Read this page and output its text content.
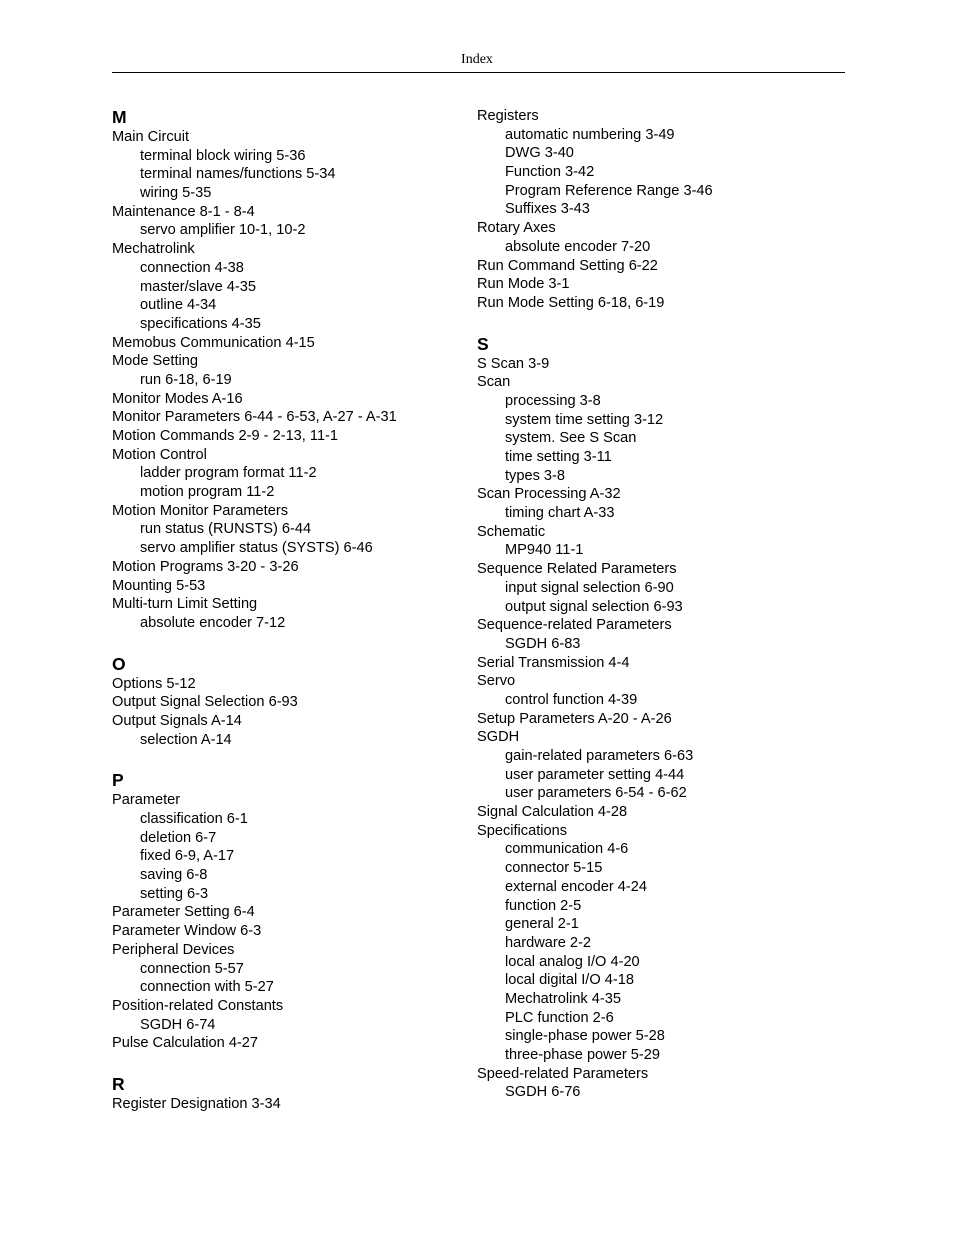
Index
M
Main Circuit
terminal block wiring 5-36
terminal names/functions 5-34
wiring 5-35
Maintenance 8-1 - 8-4
servo amplifier 10-1, 10-2
Mechatrolink
connection 4-38
master/slave 4-35
outline 4-34
specifications 4-35
Memobus Communication 4-15
Mode Setting
run 6-18, 6-19
Monitor Modes A-16
Monitor Parameters 6-44 - 6-53, A-27 - A-31
Motion Commands 2-9 - 2-13, 11-1
Motion Control
ladder program format 11-2
motion program 11-2
Motion Monitor Parameters
run status (RUNSTS) 6-44
servo amplifier status (SYSTS) 6-46
Motion Programs 3-20 - 3-26
Mounting 5-53
Multi-turn Limit Setting
absolute encoder 7-12
O
Options 5-12
Output Signal Selection 6-93
Output Signals A-14
selection A-14
P
Parameter
classification 6-1
deletion 6-7
fixed 6-9, A-17
saving 6-8
setting 6-3
Parameter Setting 6-4
Parameter Window 6-3
Peripheral Devices
connection 5-57
connection with 5-27
Position-related Constants
SGDH 6-74
Pulse Calculation 4-27
R
Register Designation 3-34
Registers
automatic numbering 3-49
DWG 3-40
Function 3-42
Program Reference Range 3-46
Suffixes 3-43
Rotary Axes
absolute encoder 7-20
Run Command Setting 6-22
Run Mode 3-1
Run Mode Setting 6-18, 6-19
S
S Scan 3-9
Scan
processing 3-8
system time setting 3-12
system. See S Scan
time setting 3-11
types 3-8
Scan Processing A-32
timing chart A-33
Schematic
MP940 11-1
Sequence Related Parameters
input signal selection 6-90
output signal selection 6-93
Sequence-related Parameters
SGDH 6-83
Serial Transmission 4-4
Servo
control function 4-39
Setup Parameters A-20 - A-26
SGDH
gain-related parameters 6-63
user parameter setting 4-44
user parameters 6-54 - 6-62
Signal Calculation 4-28
Specifications
communication 4-6
connector 5-15
external encoder 4-24
function 2-5
general 2-1
hardware 2-2
local analog I/O 4-20
local digital I/O 4-18
Mechatrolink 4-35
PLC function 2-6
single-phase power 5-28
three-phase power 5-29
Speed-related Parameters
SGDH 6-76
